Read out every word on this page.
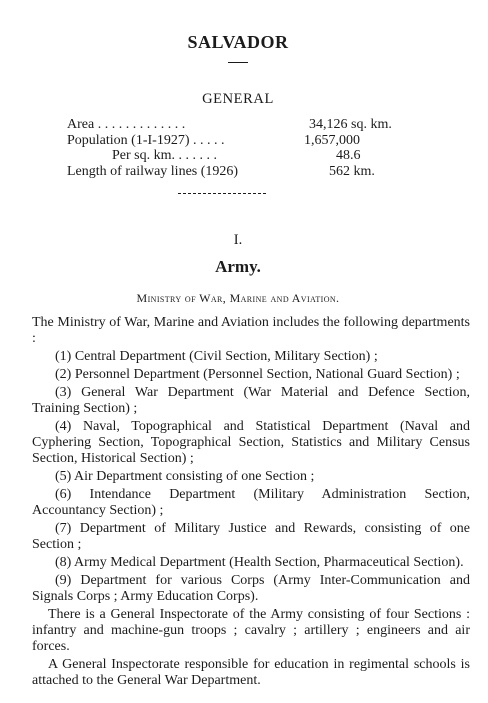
SALVADOR
GENERAL
Area . . . . . . . . . . . . .	34,126 sq. km.
Population (1-I-1927) . . . . .	1,657,000
Per sq. km. . . . . . .	48.6
Length of railway lines (1926)	562 km.
I.
Army.
Ministry of War, Marine and Aviation.

The Ministry of War, Marine and Aviation includes the following departments :

(1) Central Department (Civil Section, Military Section) ;

(2) Personnel Department (Personnel Section, National Guard Section) ;

(3) General War Department (War Material and Defence Section, Training Section) ;

(4) Naval, Topographical and Statistical Department (Naval and Cyphering Section, Topographical Section, Statistics and Military Census Section, Historical Section) ;

(5) Air Department consisting of one Section ;

(6) Intendance Department (Military Administration Section, Accountancy Section) ;

(7) Department of Military Justice and Rewards, consisting of one Section ;

(8) Army Medical Department (Health Section, Pharmaceutical Section).

(9) Department for various Corps (Army Inter-Communication and Signals Corps ; Army Education Corps).

There is a General Inspectorate of the Army consisting of four Sections : infantry and machine-gun troops ; cavalry ; artillery ; engineers and air forces.

A General Inspectorate responsible for education in regimental schools is attached to the General War Department.
